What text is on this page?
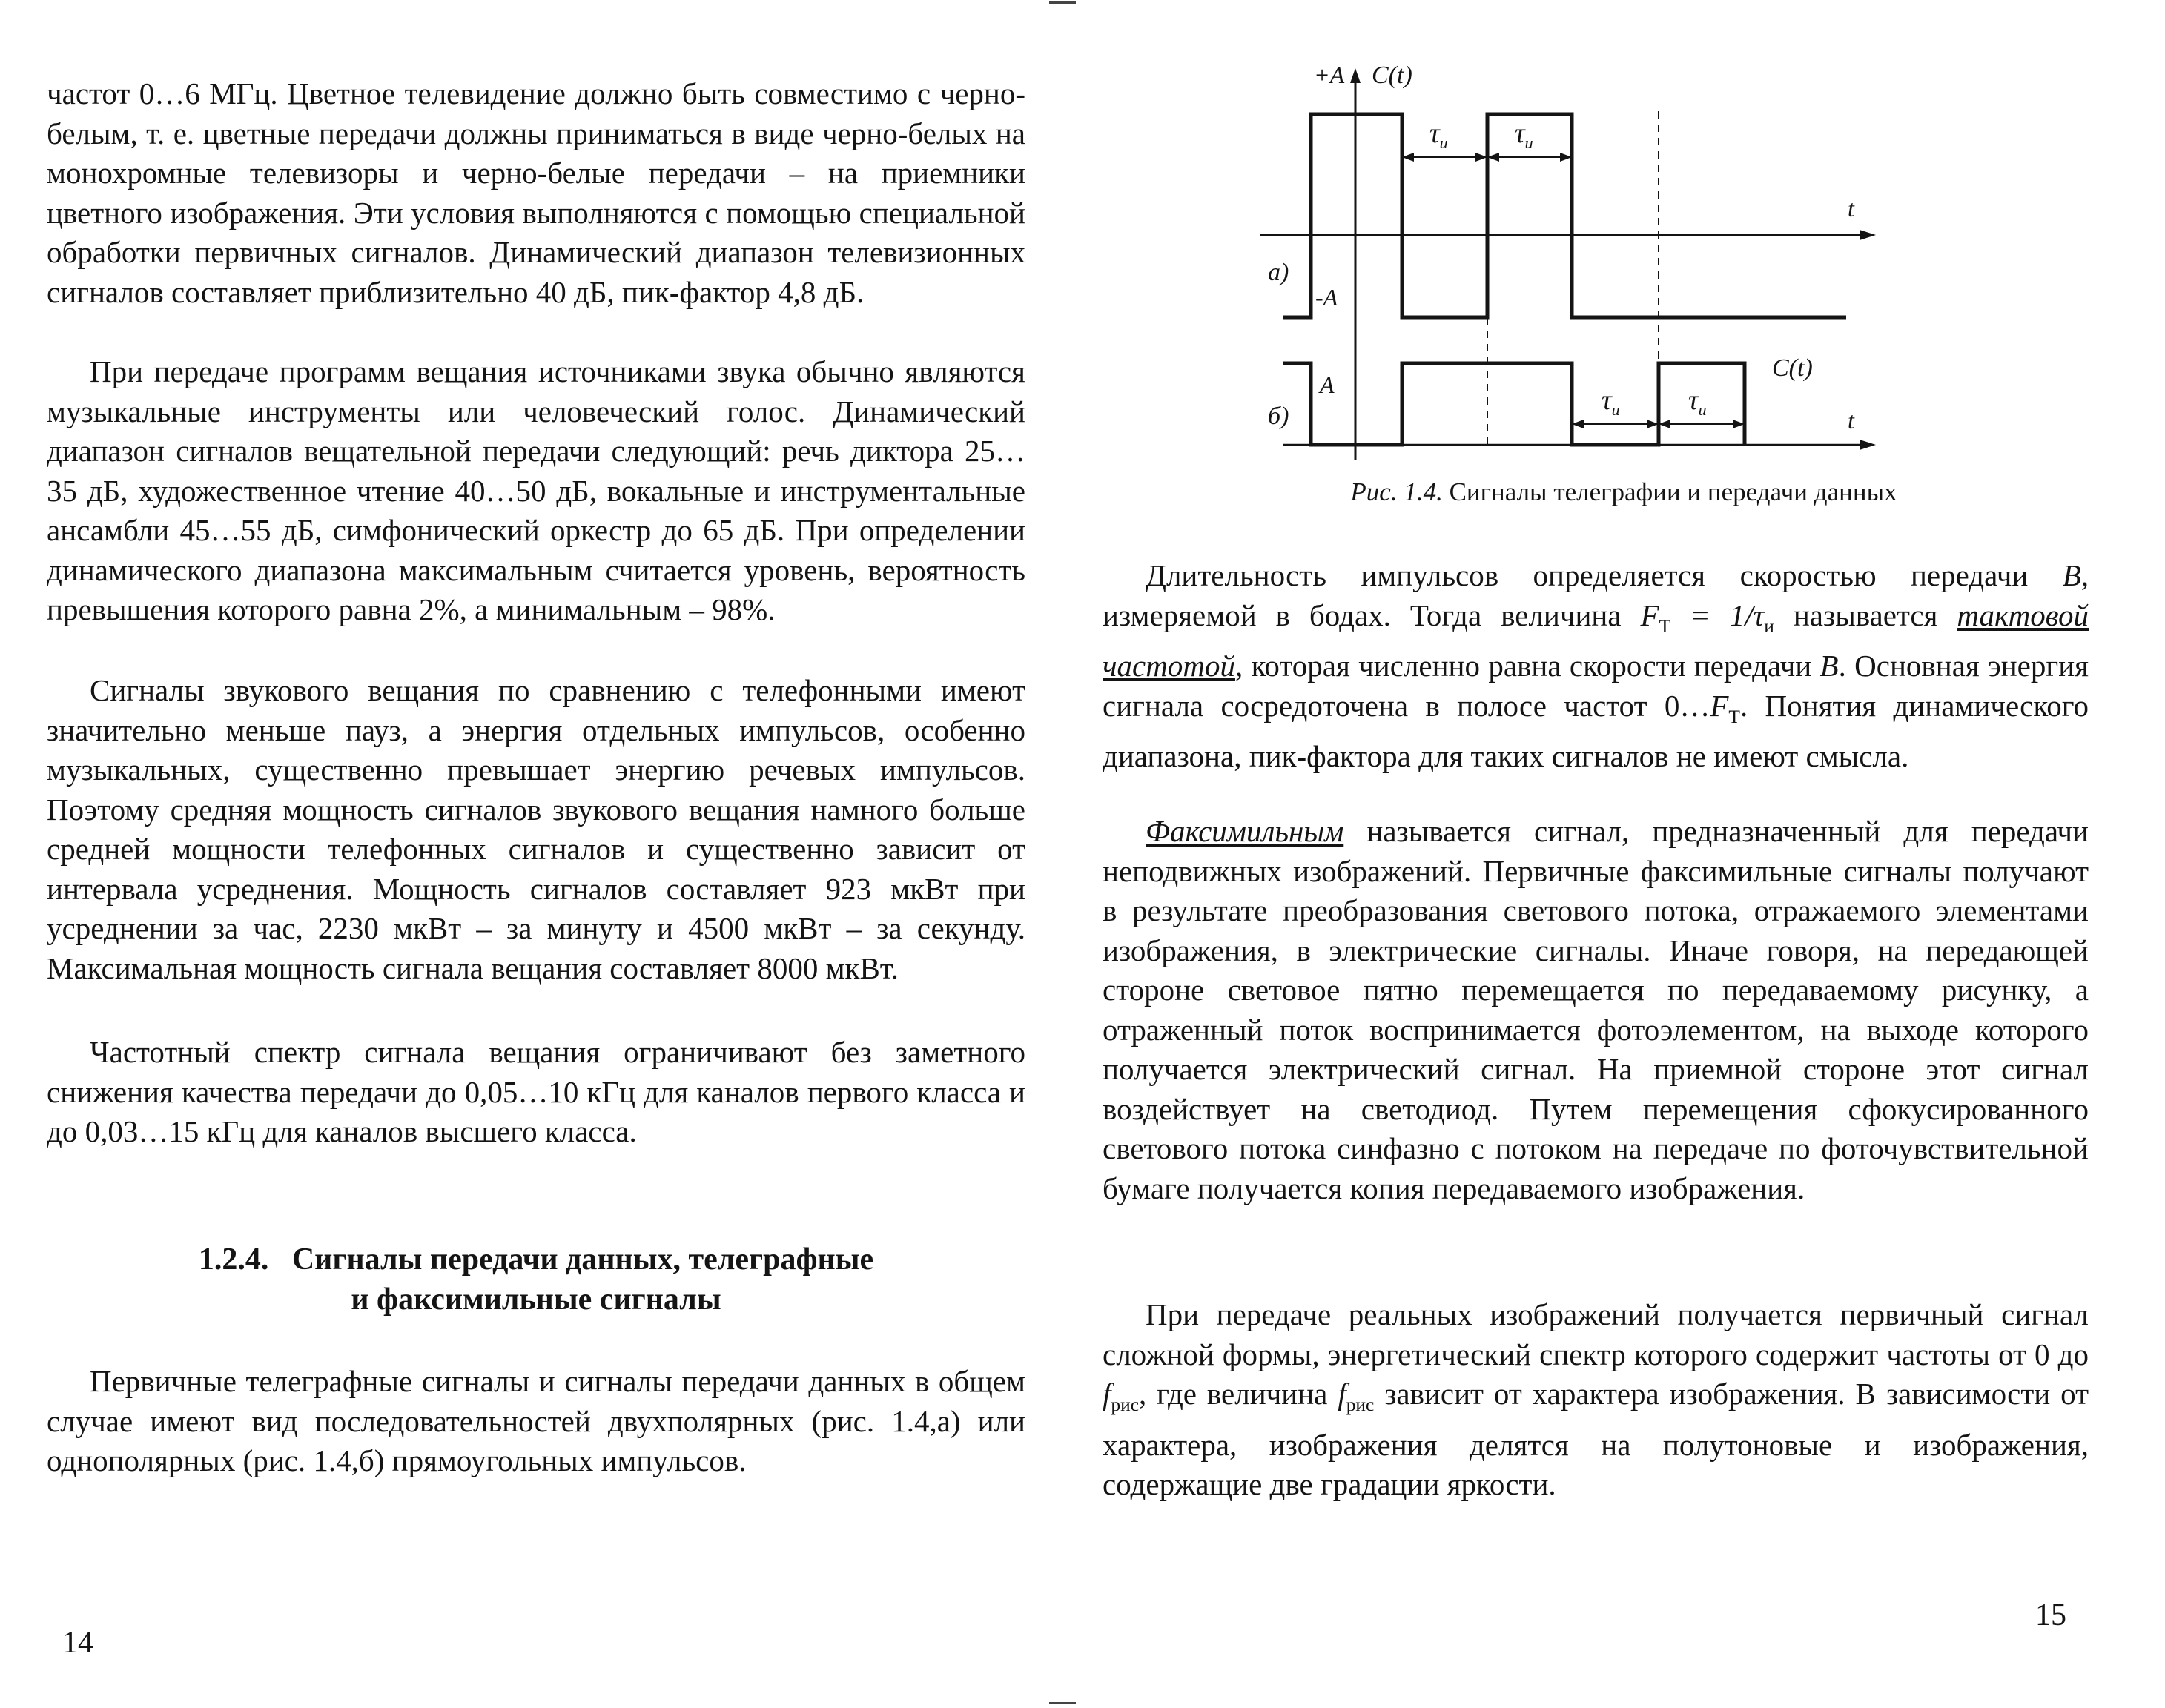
частот 0…6 МГц. Цветное телевидение должно быть совместимо с черно-белым, т. е. цветные передачи должны приниматься в виде черно-белых на монохромные телевизоры и черно-белые передачи – на приемники цветного изображения. Эти условия выполняются с помощью специальной обработки первичных сигналов. Динамический диапазон телевизионных сигналов составляет приблизительно 40 дБ, пик-фактор 4,8 дБ.

При передаче программ вещания источниками звука обычно являются музыкальные инструменты или человеческий голос. Динамический диапазон сигналов вещательной передачи следующий: речь диктора 25…35 дБ, художественное чтение 40…50 дБ, вокальные и инструментальные ансамбли 45…55 дБ, симфонический оркестр до 65 дБ. При определении динамического диапазона максимальным считается уровень, вероятность превышения которого равна 2%, а минимальным – 98%.

Сигналы звукового вещания по сравнению с телефонными имеют значительно меньше пауз, а энергия отдельных импульсов, особенно музыкальных, существенно превышает энергию речевых импульсов. Поэтому средняя мощность сигналов звукового вещания намного больше средней мощности телефонных сигналов и существенно зависит от интервала усреднения. Мощность сигналов составляет 923 мкВт при усреднении за час, 2230 мкВт – за минуту и 4500 мкВт – за секунду. Максимальная мощность сигнала вещания составляет 8000 мкВт.

Частотный спектр сигнала вещания ограничивают без заметного снижения качества передачи до 0,05…10 кГц для каналов первого класса и до 0,03…15 кГц для каналов высшего класса.

1.2.4. Сигналы передачи данных, телеграфные
и факсимильные сигналы

Первичные телеграфные сигналы и сигналы передачи данных в общем случае имеют вид последовательностей двухполярных (рис. 1.4,а) или однополярных (рис. 1.4,б) прямоугольных импульсов.

14
Рис. 1.4. Сигналы телеграфии и передачи данных

Длительность импульсов определяется скоростью передачи B, измеряемой в бодах. Тогда величина $F_T = 1/\tau_и$ называется тактовой частотой, которая численно равна скорости передачи B. Основная энергия сигнала сосредоточена в полосе частот $0\dots F_T$. Понятия динамического диапазона, пик-фактора для таких сигналов не имеют смысла.

Факсимильным называется сигнал, предназначенный для передачи неподвижных изображений. Первичные факсимильные сигналы получают в результате преобразования светового потока, отражаемого элементами изображения, в электрические сигналы. Иначе говоря, на передающей стороне световое пятно перемещается по передаваемому рисунку, а отраженный поток воспринимается фотоэлементом, на выходе которого получается электрический сигнал. На приемной стороне этот сигнал воздействует на светодиод. Путем перемещения сфокусированного светового потока синфазно с потоком на передаче по фоточувствительной бумаге получается копия передаваемого изображения.

При передаче реальных изображений получается первичный сигнал сложной формы, энергетический спектр которого содержит частоты от 0 до $f_{рис}$, где величина $f_{рис}$ зависит от характера изображения. В зависимости от характера, изображения делятся на полутоновые и изображения, содержащие две градации яркости.

15
+A C(t)
$\tau_и$ $\tau_и$
t
а)
-A
б)
A
C(t)
t
$\tau_и$ $\tau_и$
